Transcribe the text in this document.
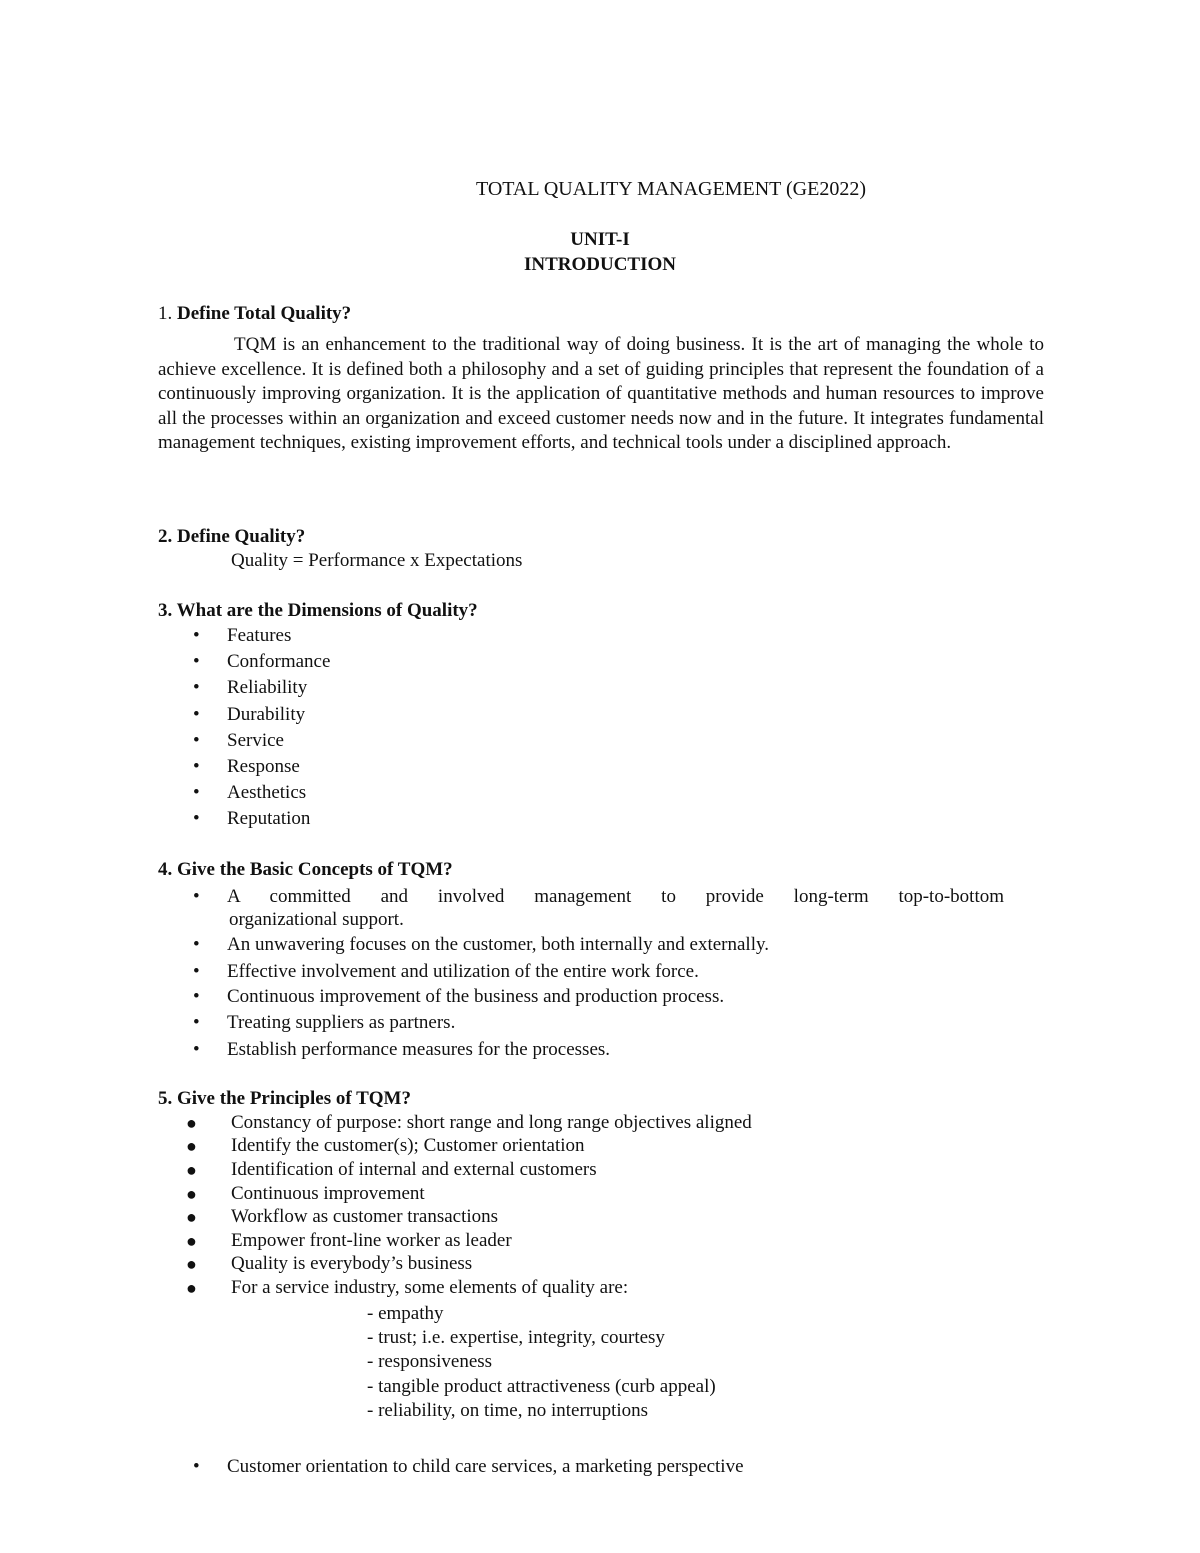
TOTAL QUALITY MANAGEMENT (GE2022)
UNIT-I
INTRODUCTION
1. Define Total Quality?
TQM is an enhancement to the traditional way of doing business. It is the art of managing the whole to achieve excellence. It is defined both a philosophy and a set of guiding principles that represent the foundation of a continuously improving organization. It is the application of quantitative methods and human resources to improve all the processes within an organization and exceed customer needs now and in the future. It integrates fundamental management techniques, existing improvement efforts, and technical tools under a disciplined approach.
2. Define Quality?
Quality = Performance x Expectations
3. What are the Dimensions of Quality?
• Features
• Conformance
• Reliability
• Durability
• Service
• Response
• Aesthetics
• Reputation
4. Give the Basic Concepts of TQM?
• A committed and involved management to provide long-term top-to-bottom
organizational support.
• An unwavering focuses on the customer, both internally and externally.
• Effective involvement and utilization of the entire work force.
• Continuous improvement of the business and production process.
• Treating suppliers as partners.
• Establish performance measures for the processes.
5. Give the Principles of TQM?
● Constancy of purpose: short range and long range objectives aligned
● Identify the customer(s); Customer orientation
● Identification of internal and external customers
● Continuous improvement
● Workflow as customer transactions
● Empower front-line worker as leader
● Quality is everybody’s business
● For a service industry, some elements of quality are:
- empathy
- trust; i.e. expertise, integrity, courtesy
- responsiveness
- tangible product attractiveness (curb appeal)
- reliability, on time, no interruptions
• Customer orientation to child care services, a marketing perspective
